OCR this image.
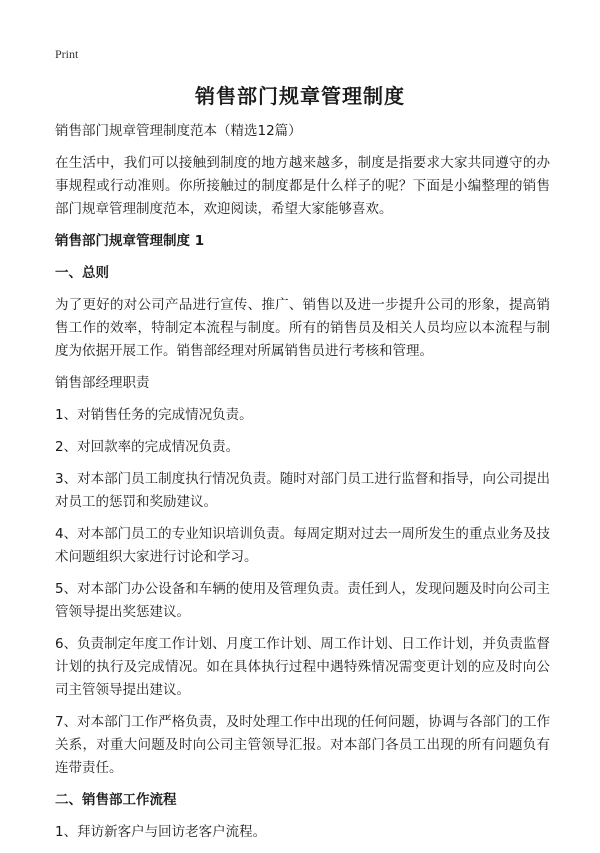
Print
销售部门规章管理制度

销售部门规章管理制度范本（精选12篇）

在生活中，我们可以接触到制度的地方越来越多，制度是指要求大家共同遵守的办事规程或行动准则。你所接触过的制度都是什么样子的呢？下面是小编整理的销售部门规章管理制度范本，欢迎阅读，希望大家能够喜欢。

销售部门规章管理制度 1

一、总则

为了更好的对公司产品进行宣传、推广、销售以及进一步提升公司的形象，提高销售工作的效率，特制定本流程与制度。所有的销售员及相关人员均应以本流程与制度为依据开展工作。销售部经理对所属销售员进行考核和管理。

销售部经理职责

1、对销售任务的完成情况负责。

2、对回款率的完成情况负责。

3、对本部门员工制度执行情况负责。随时对部门员工进行监督和指导，向公司提出对员工的惩罚和奖励建议。

4、对本部门员工的专业知识培训负责。每周定期对过去一周所发生的重点业务及技术问题组织大家进行讨论和学习。

5、对本部门办公设备和车辆的使用及管理负责。责任到人，发现问题及时向公司主管领导提出奖惩建议。

6、负责制定年度工作计划、月度工作计划、周工作计划、日工作计划，并负责监督计划的执行及完成情况。如在具体执行过程中遇特殊情况需变更计划的应及时向公司主管领导提出建议。

7、对本部门工作严格负责，及时处理工作中出现的任何问题，协调与各部门的工作关系，对重大问题及时向公司主管领导汇报。对本部门各员工出现的所有问题负有连带责任。

二、销售部工作流程

1、拜访新客户与回访老客户流程。
